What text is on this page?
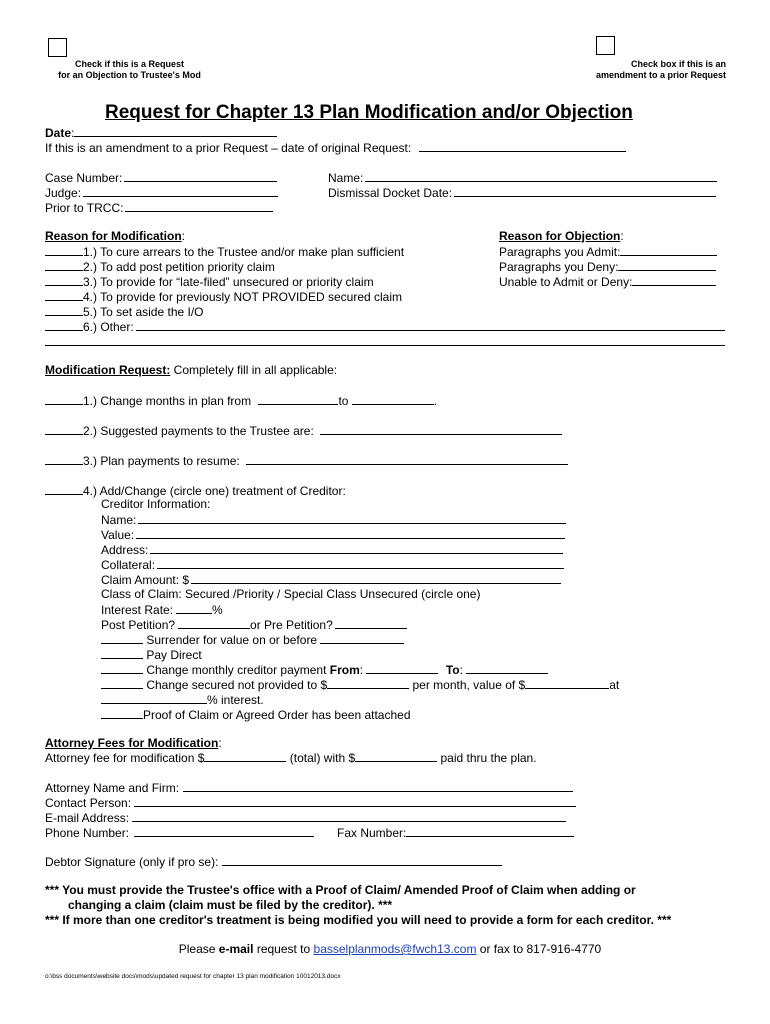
Check if this is a Request
for an Objection to Trustee's Mod
Check box if this is an
amendment to a prior Request
Request for Chapter 13 Plan Modification and/or Objection
Date:
If this is an amendment to a prior Request – date of original Request:
Case Number:
Judge:
Prior to TRCC:
Name:
Dismissal Docket Date:
Reason for Modification:
1.) To cure arrears to the Trustee and/or make plan sufficient
2.) To add post petition priority claim
3.) To provide for “late-filed” unsecured or priority claim
4.) To provide for previously NOT PROVIDED secured claim
5.) To set aside the I/O
6.) Other:
Reason for Objection:
Paragraphs you Admit:
Paragraphs you Deny:
Unable to Admit or Deny:
Modification Request: Completely fill in all applicable:
1.) Change months in plan from	to	.
2.) Suggested payments to the Trustee are:
3.) Plan payments to resume:
4.) Add/Change (circle one) treatment of Creditor:
Creditor Information:
Name:
Value:
Address:
Collateral:
Claim Amount: $
Class of Claim: Secured /Priority / Special Class Unsecured (circle one)
Interest Rate:	%
Post Petition?	or Pre Petition?
Surrender for value on or before
Pay Direct
Change monthly creditor payment From:	To:
Change secured not provided to $	per month, value of $	at
% interest.
Proof of Claim or Agreed Order has been attached
Attorney Fees for Modification:
Attorney fee for modification $	(total) with $	paid thru the plan.
Attorney Name and Firm:
Contact Person:
E-mail Address:
Phone Number:	Fax Number:
Debtor Signature (only if pro se):
*** You must provide the Trustee's office with a Proof of Claim/ Amended Proof of Claim when adding or
changing a claim (claim must be filed by the creditor). ***
*** If more than one creditor's treatment is being modified you will need to provide a form for each creditor. ***
Please e-mail request to basselplanmods@fwch13.com or fax to 817-916-4770
o:\bss documents\website docs\mods\updated request for chapter 13 plan modification 10012013.docx
